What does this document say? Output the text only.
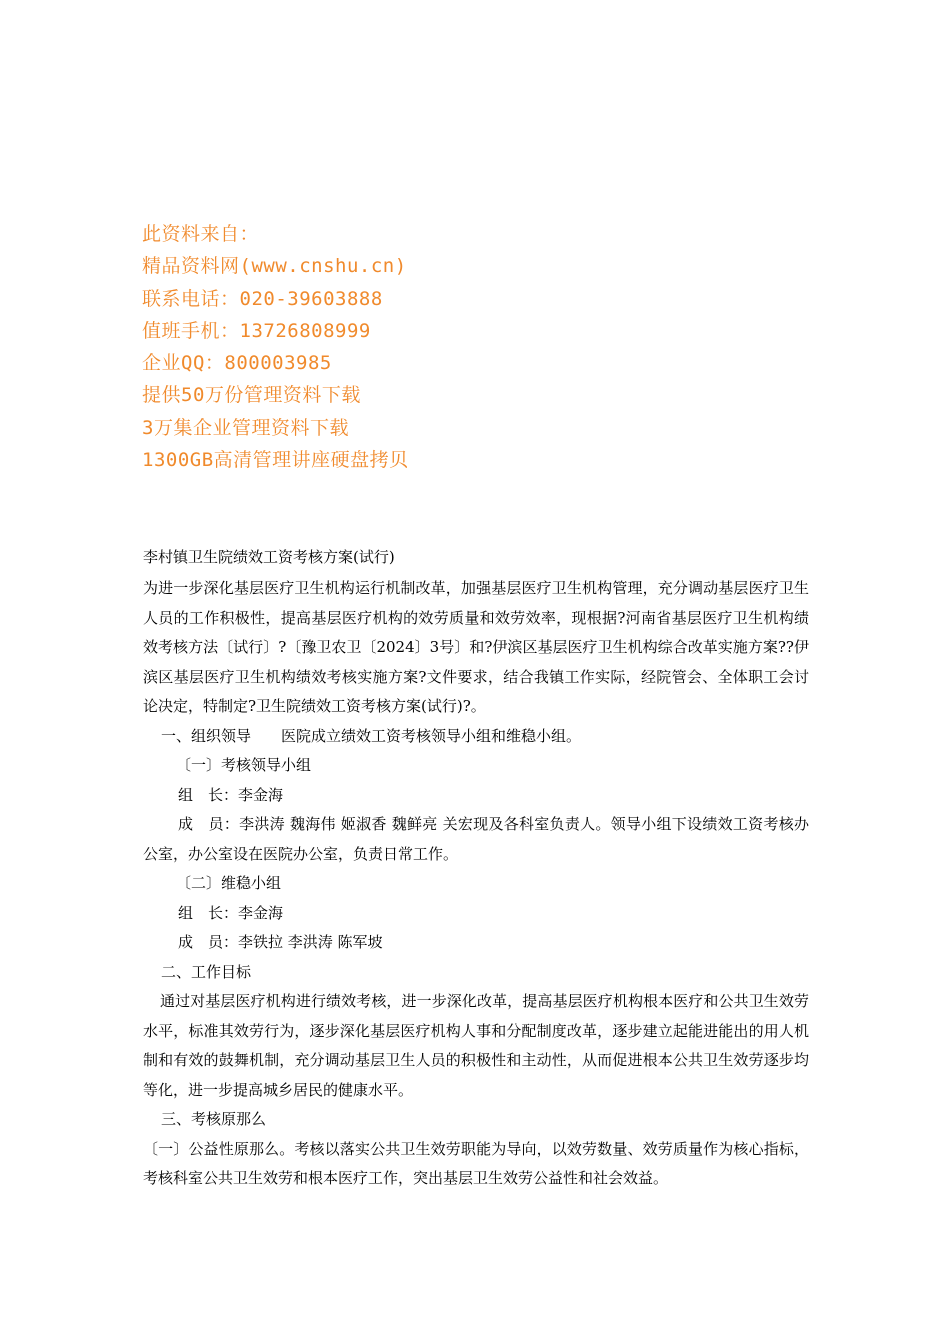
此资料来自：
精品资料网(www.cnshu.cn)
联系电话：020-39603888
值班手机：13726808999
企业QQ：800003985
提供50万份管理资料下载
3万集企业管理资料下载
1300GB高清管理讲座硬盘拷贝

李村镇卫生院绩效工资考核方案(试行)

为进一步深化基层医疗卫生机构运行机制改革，加强基层医疗卫生机构管理，充分调动基层医疗卫生人员的工作积极性，提高基层医疗机构的效劳质量和效劳效率，现根据?河南省基层医疗卫生机构绩效考核方法〔试行〕?〔豫卫农卫〔2024〕3号〕和?伊滨区基层医疗卫生机构综合改革实施方案??伊滨区基层医疗卫生机构绩效考核实施方案?文件要求，结合我镇工作实际，经院管会、全体职工会讨论决定，特制定?卫生院绩效工资考核方案(试行)?。

一、组织领导　　医院成立绩效工资考核领导小组和维稳小组。

〔一〕考核领导小组

组　长：李金海

成　员：李洪涛 魏海伟 姬淑香 魏鲜亮 关宏现及各科室负责人。领导小组下设绩效工资考核办公室，办公室设在医院办公室，负责日常工作。

〔二〕维稳小组

组　长：李金海

成　员：李铁拉 李洪涛 陈军坡

二、工作目标

通过对基层医疗机构进行绩效考核，进一步深化改革，提高基层医疗机构根本医疗和公共卫生效劳水平，标准其效劳行为，逐步深化基层医疗机构人事和分配制度改革，逐步建立起能进能出的用人机制和有效的鼓舞机制，充分调动基层卫生人员的积极性和主动性，从而促进根本公共卫生效劳逐步均等化，进一步提高城乡居民的健康水平。

三、考核原那么

〔一〕公益性原那么。考核以落实公共卫生效劳职能为导向，以效劳数量、效劳质量作为核心指标，考核科室公共卫生效劳和根本医疗工作，突出基层卫生效劳公益性和社会效益。
